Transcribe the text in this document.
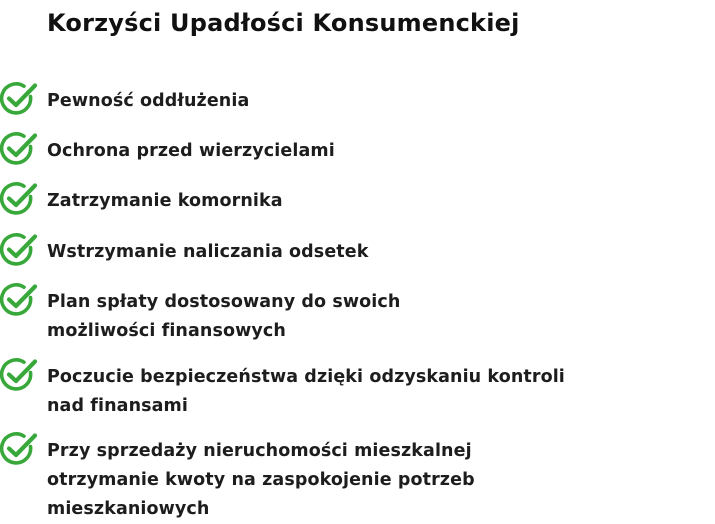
Korzyści Upadłości Konsumenckiej
Pewność oddłużenia
Ochrona przed wierzycielami
Zatrzymanie komornika
Wstrzymanie naliczania odsetek
Plan spłaty dostosowany do swoich możliwości finansowych
Poczucie bezpieczeństwa dzięki odzyskaniu kontroli nad finansami
Przy sprzedaży nieruchomości mieszkalnej otrzymanie kwoty na zaspokojenie potrzeb mieszkaniowych
